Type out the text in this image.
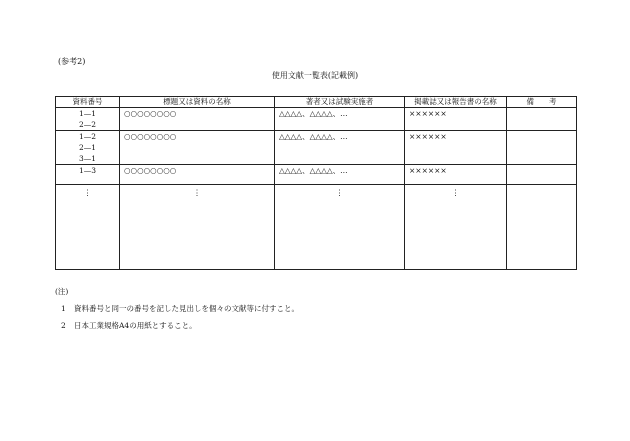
(参考2)
使用文献一覧表(記載例)
資料番号	標題又は資料の名称	著者又は試験実施者	掲載誌又は報告書の名称	備　　考

1—1
2—2	○○○○○○○○	△△△△、△△△△、…	××××××	

1—2
2—1
3—1	○○○○○○○○	△△△△、△△△△、…	××××××	

1—3	○○○○○○○○	△△△△、△△△△、…	××××××	

⋮	⋮	⋮	⋮	

(注)
1 資料番号と同一の番号を記した見出しを個々の文献等に付すこと。
2 日本工業規格A4の用紙とすること。
